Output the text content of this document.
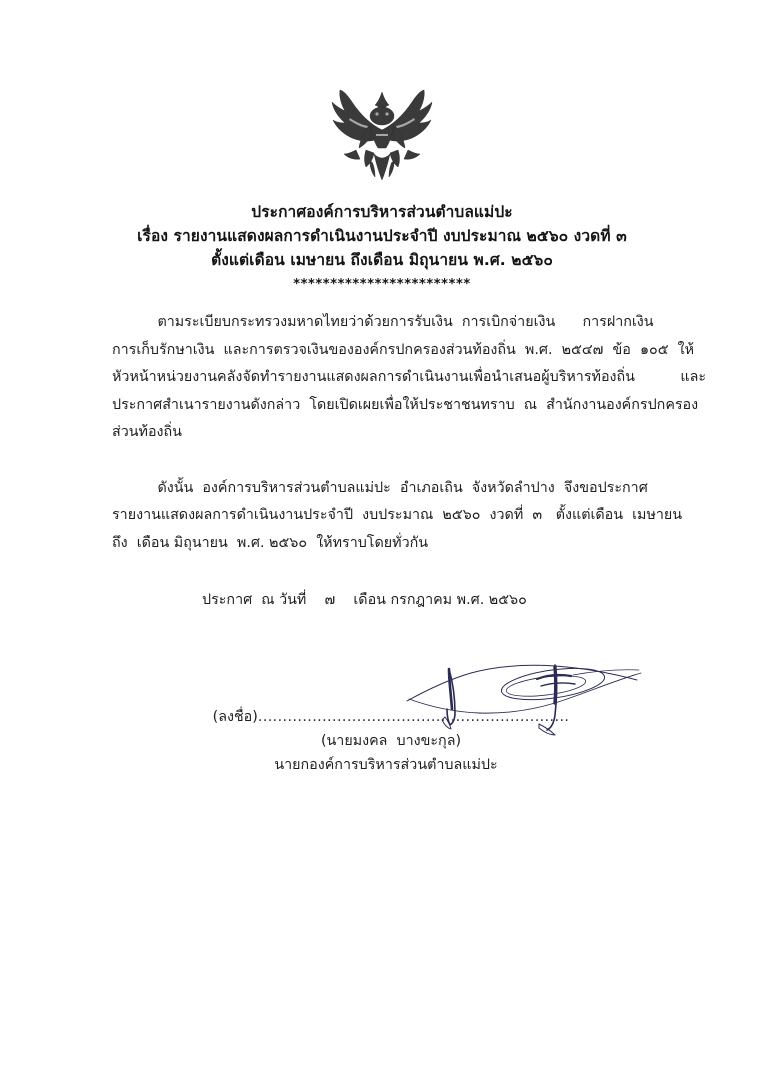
ประกาศองค์การบริหารส่วนตำบลแม่ปะ
เรื่อง รายงานแสดงผลการดำเนินงานประจำปี งบประมาณ ๒๕๖๐ งวดที่ ๓
ตั้งแต่เดือน เมษายน ถึงเดือน มิถุนายน พ.ศ. ๒๕๖๐
************************
ตามระเบียบกระทรวงมหาดไทยว่าด้วยการรับเงิน  การเบิกจ่ายเงิน      การฝากเงิน
การเก็บรักษาเงิน  และการตรวจเงินขององค์กรปกครองส่วนท้องถิ่น  พ.ศ.  ๒๕๔๗  ข้อ  ๑๐๕  ให้
หัวหน้าหน่วยงานคลังจัดทำรายงานแสดงผลการดำเนินงานเพื่อนำเสนอผู้บริหารท้องถิ่น          และ
ประกาศสำเนารายงานดังกล่าว  โดยเปิดเผยเพื่อให้ประชาชนทราบ  ณ  สำนักงานองค์กรปกครอง
ส่วนท้องถิ่น
ดังนั้น  องค์การบริหารส่วนตำบลแม่ปะ  อำเภอเถิน  จังหวัดลำปาง  จึงขอประกาศ
รายงานแสดงผลการดำเนินงานประจำปี  งบประมาณ  ๒๕๖๐  งวดที่  ๓   ตั้งแต่เดือน  เมษายน
ถึง  เดือน มิถุนายน  พ.ศ. ๒๕๖๐  ให้ทราบโดยทั่วกัน
ประกาศ  ณ วันที่    ๗    เดือน กรกฎาคม พ.ศ. ๒๕๖๐
(ลงชื่อ)...............................................................
(นายมงคล  บางขะกุล)
นายกองค์การบริหารส่วนตำบลแม่ปะ
